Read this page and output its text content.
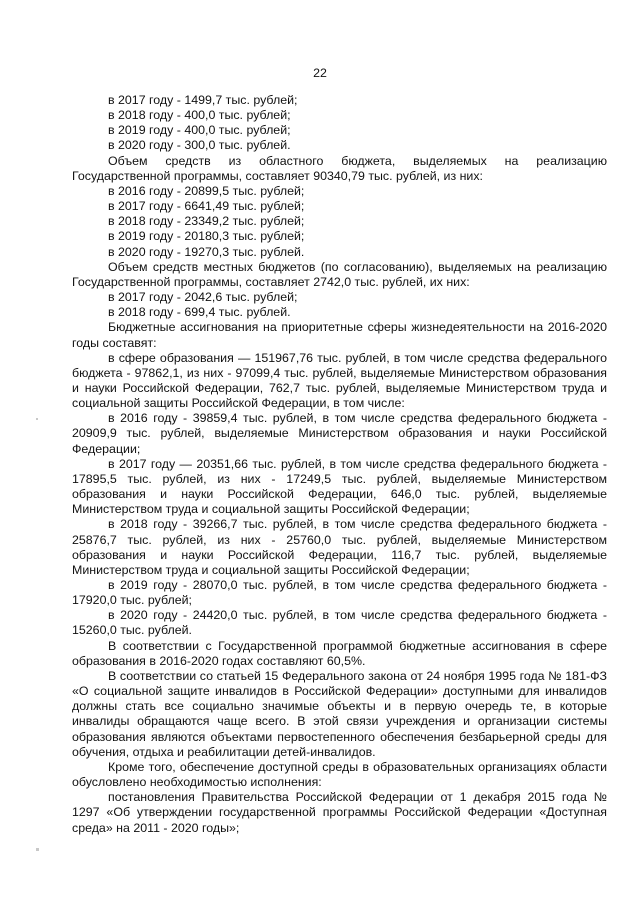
22

в 2017 году - 1499,7 тыс. рублей;

в 2018 году - 400,0 тыс. рублей;

в 2019 году - 400,0 тыс. рублей;

в 2020 году - 300,0 тыс. рублей.

Объем средств из областного бюджета, выделяемых на реализацию Государственной программы, составляет 90340,79 тыс. рублей, из них:

в 2016 году - 20899,5 тыс. рублей;

в 2017 году - 6641,49 тыс. рублей;

в 2018 году - 23349,2 тыс. рублей;

в 2019 году - 20180,3 тыс. рублей;

в 2020 году - 19270,3 тыс. рублей.

Объем средств местных бюджетов (по согласованию), выделяемых на реализацию Государственной программы, составляет 2742,0 тыс. рублей, их них:

в 2017 году - 2042,6 тыс. рублей;

в 2018 году - 699,4 тыс. рублей.

Бюджетные ассигнования на приоритетные сферы жизнедеятельности на 2016-2020 годы составят:

в сфере образования — 151967,76 тыс. рублей, в том числе средства федерального бюджета - 97862,1, из них - 97099,4 тыс. рублей, выделяемые Министерством образования и науки Российской Федерации, 762,7 тыс. рублей, выделяемые Министерством труда и социальной защиты Российской Федерации, в том числе:

в 2016 году - 39859,4 тыс. рублей, в том числе средства федерального бюджета - 20909,9 тыс. рублей, выделяемые Министерством образования и науки Российской Федерации;

в 2017 году — 20351,66 тыс. рублей, в том числе средства федерального бюджета - 17895,5 тыс. рублей, из них - 17249,5 тыс. рублей, выделяемые Министерством образования и науки Российской Федерации, 646,0 тыс. рублей, выделяемые Министерством труда и социальной защиты Российской Федерации;

в 2018 году - 39266,7 тыс. рублей, в том числе средства федерального бюджета - 25876,7 тыс. рублей, из них - 25760,0 тыс. рублей, выделяемые Министерством образования и науки Российской Федерации, 116,7 тыс. рублей, выделяемые Министерством труда и социальной защиты Российской Федерации;

в 2019 году - 28070,0 тыс. рублей, в том числе средства федерального бюджета - 17920,0 тыс. рублей;

в 2020 году - 24420,0 тыс. рублей, в том числе средства федерального бюджета - 15260,0 тыс. рублей.

В соответствии с Государственной программой бюджетные ассигнования в сфере образования в 2016-2020 годах составляют 60,5%.

В соответствии со статьей 15 Федерального закона от 24 ноября 1995 года № 181-ФЗ «О социальной защите инвалидов в Российской Федерации» доступными для инвалидов должны стать все социально значимые объекты и в первую очередь те, в которые инвалиды обращаются чаще всего. В этой связи учреждения и организации системы образования являются объектами первостепенного обеспечения безбарьерной среды для обучения, отдыха и реабилитации детей-инвалидов.

Кроме того, обеспечение доступной среды в образовательных организациях области обусловлено необходимостью исполнения:

постановления Правительства Российской Федерации от 1 декабря 2015 года № 1297 «Об утверждении государственной программы Российской Федерации «Доступная среда» на 2011 - 2020 годы»;
